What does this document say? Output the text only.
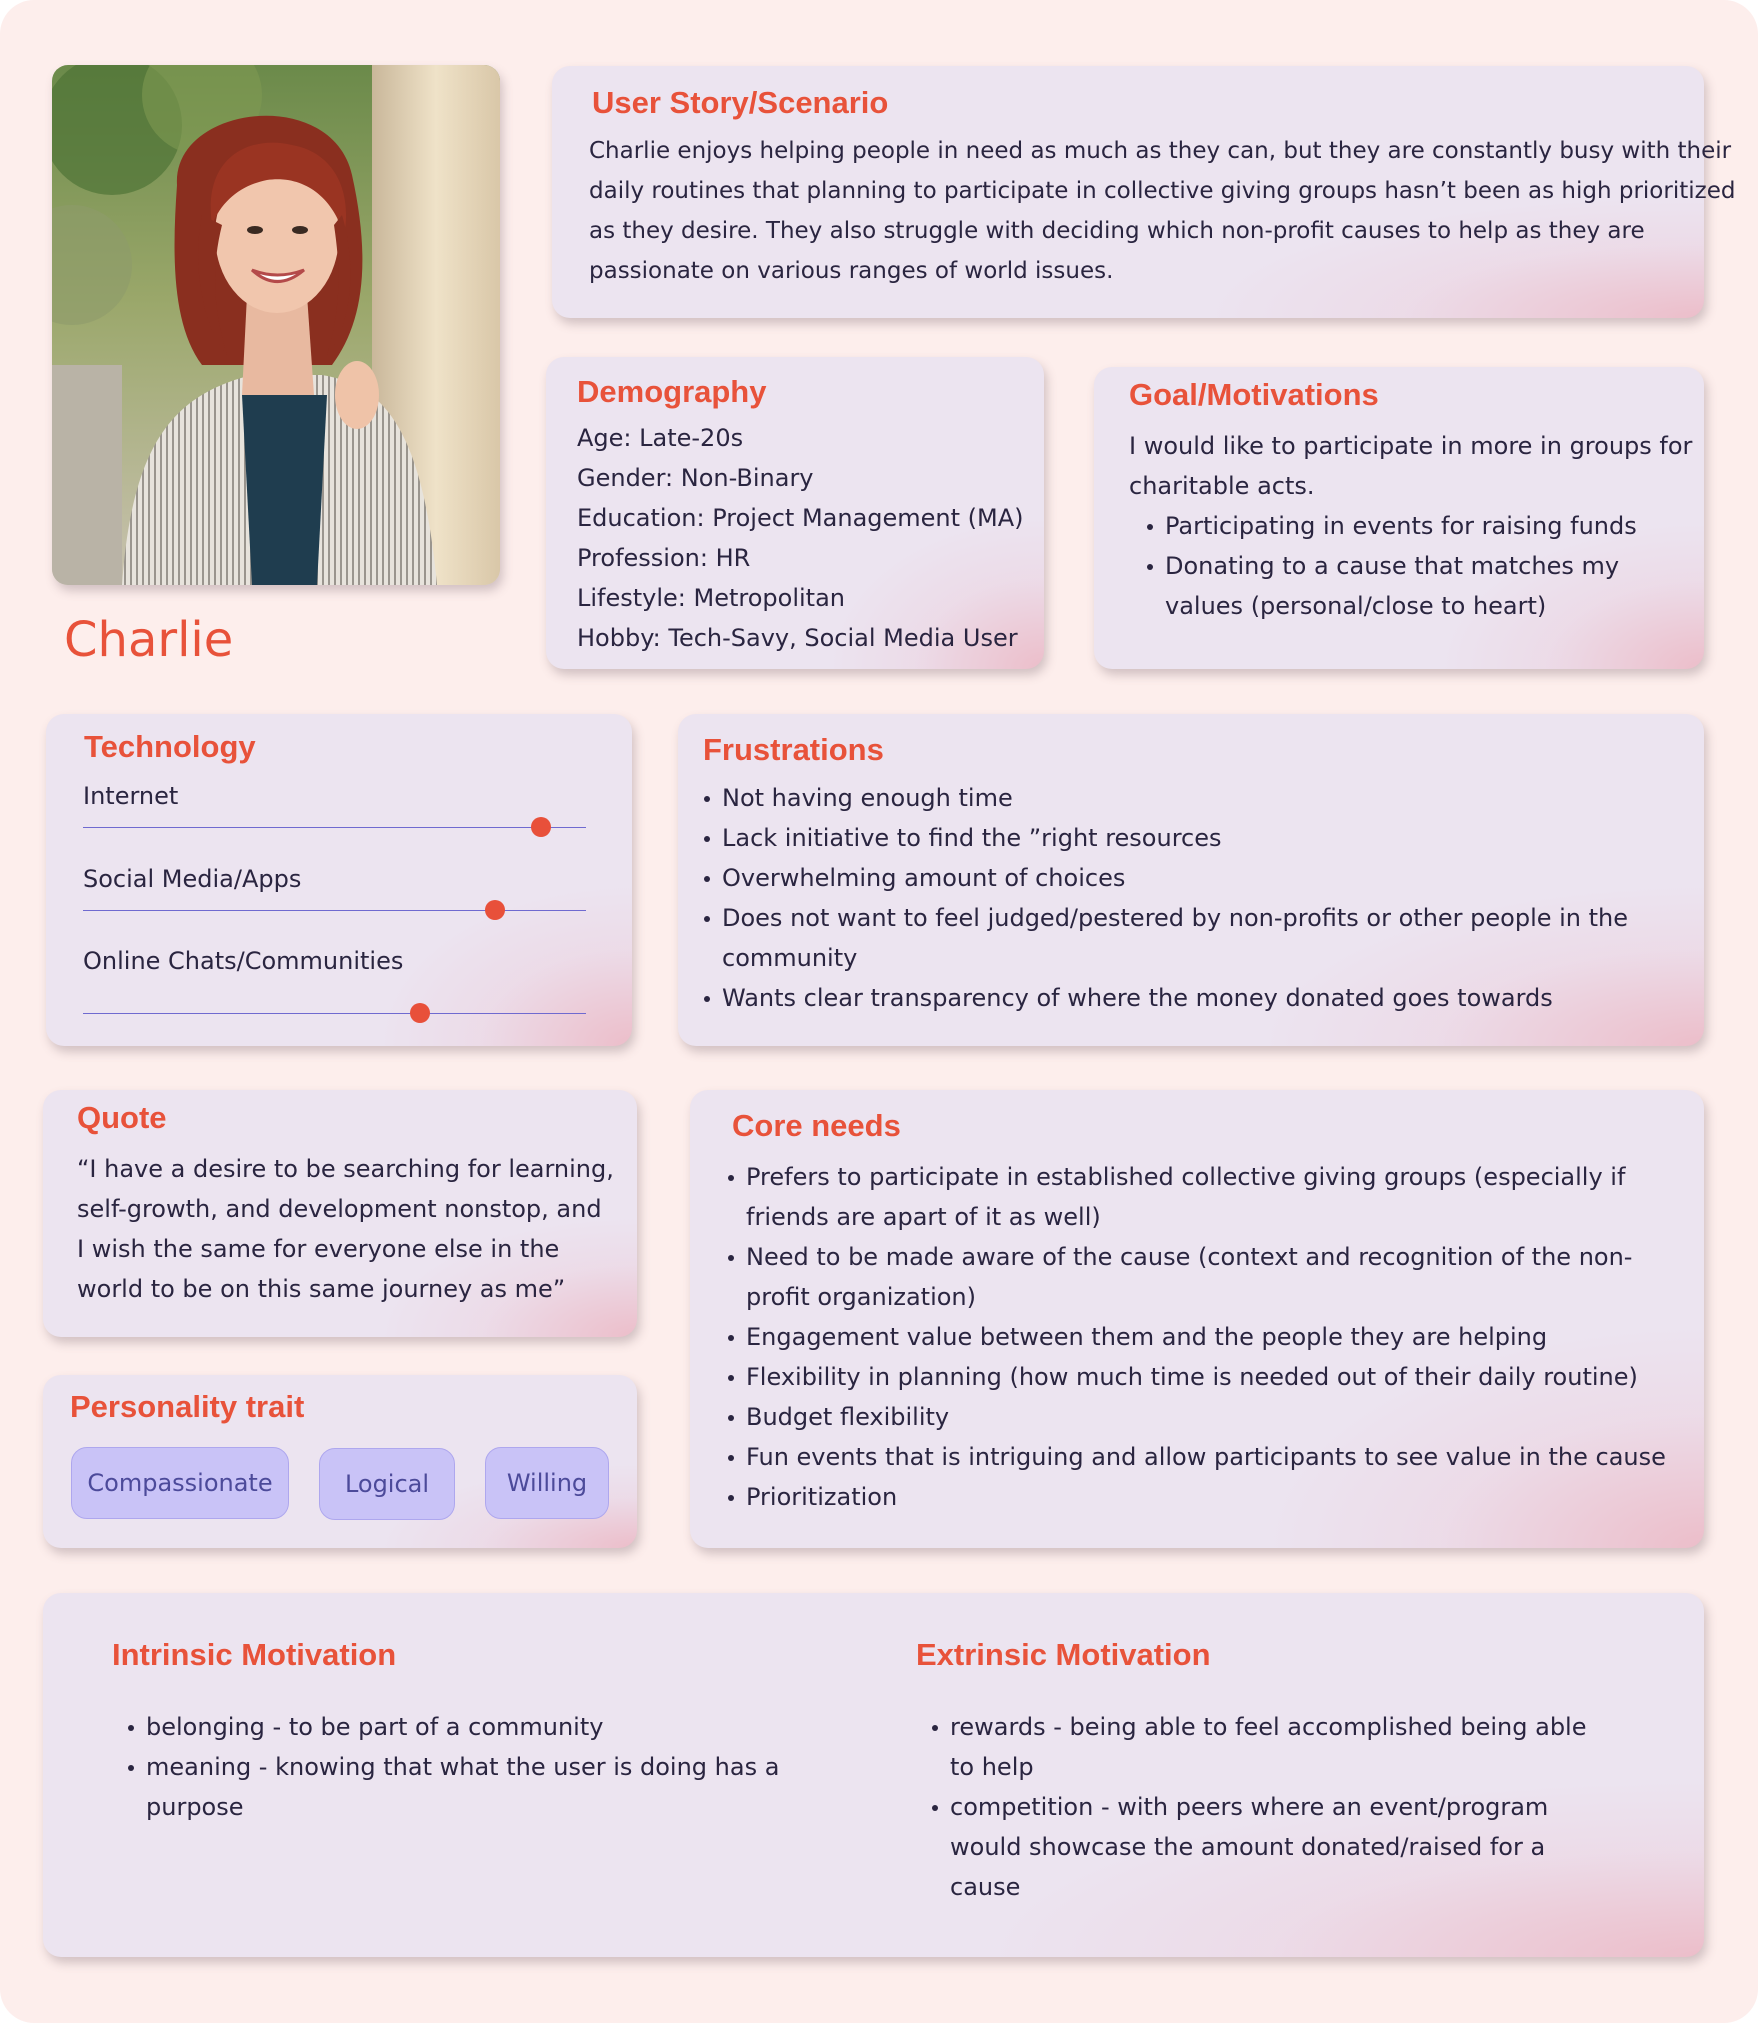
Charlie
User Story/Scenario
Charlie enjoys helping people in need as much as they can, but they are constantly busy with their
daily routines that planning to participate in collective giving groups hasn’t been as high prioritized
as they desire. They also struggle with deciding which non-profit causes to help as they are
passionate on various ranges of world issues.
Demography
Age: Late-20s
Gender: Non-Binary
Education: Project Management (MA)
Profession: HR
Lifestyle: Metropolitan
Hobby: Tech-Savy, Social Media User
Goal/Motivations
I would like to participate in more in groups for
charitable acts.
Participating in events for raising funds
Donating to a cause that matches my
values (personal/close to heart)
Technology
Internet
Social Media/Apps
Online Chats/Communities
Frustrations
Not having enough time
Lack initiative to find the ”right resources
Overwhelming amount of choices
Does not want to feel judged/pestered by non-profits or other people in the
community
Wants clear transparency of where the money donated goes towards
Quote
“I have a desire to be searching for learning,
self-growth, and development nonstop, and
I wish the same for everyone else in the
world to be on this same journey as me”
Personality trait
Compassionate	Logical	Willing
Core needs
Prefers to participate in established collective giving groups (especially if
friends are apart of it as well)
Need to be made aware of the cause (context and recognition of the non-
profit organization)
Engagement value between them and the people they are helping
Flexibility in planning (how much time is needed out of their daily routine)
Budget flexibility
Fun events that is intriguing and allow participants to see value in the cause
Prioritization
Intrinsic Motivation
belonging - to be part of a community
meaning - knowing that what the user is doing has a
purpose
Extrinsic Motivation
rewards - being able to feel accomplished being able
to help
competition - with peers where an event/program
would showcase the amount donated/raised for a
cause
